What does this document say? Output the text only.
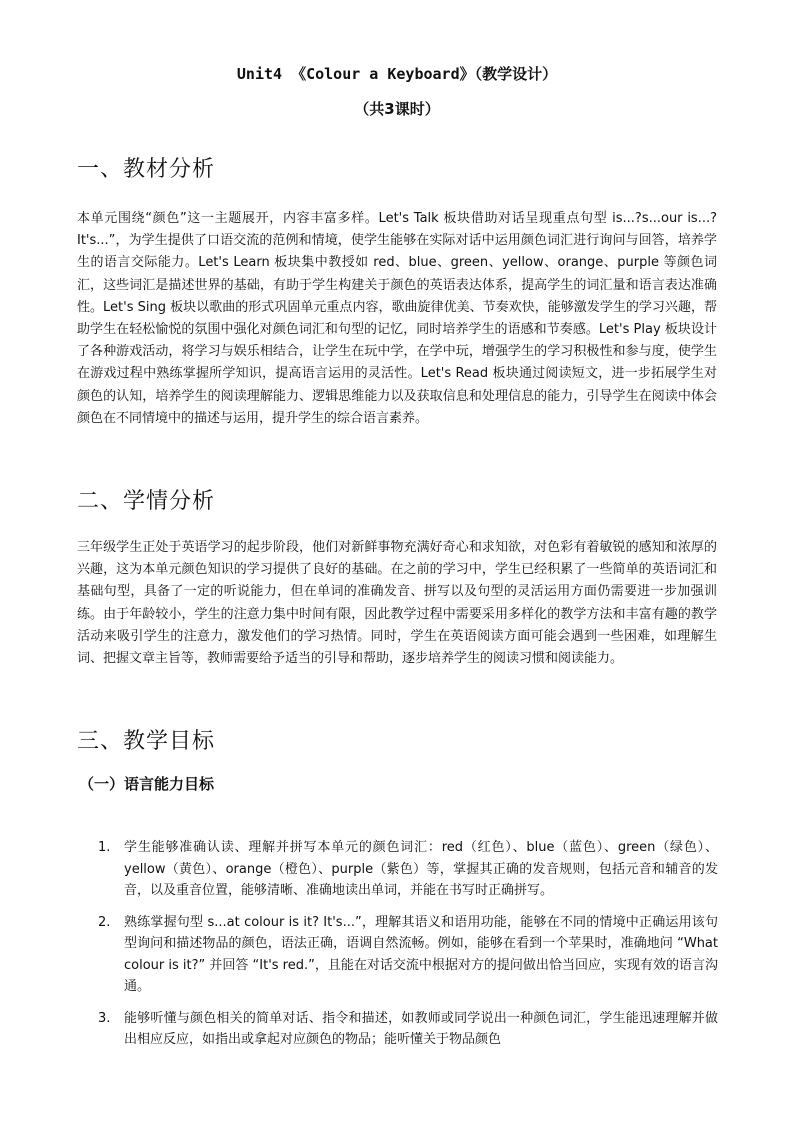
Unit4 《Colour a Keyboard》（教学设计）
（共3课时）
一、教材分析

本单元围绕“颜色”这一主题展开，内容丰富多样。Let's Talk 板块借助对话呈现重点句型 is...?s...our is...? It's...”，为学生提供了口语交流的范例和情境，使学生能够在实际对话中运用颜色词汇进行询问与回答，培养学生的语言交际能力。Let's Learn 板块集中教授如 red、blue、green、yellow、orange、purple 等颜色词汇，这些词汇是描述世界的基础，有助于学生构建关于颜色的英语表达体系，提高学生的词汇量和语言表达准确性。Let's Sing 板块以歌曲的形式巩固单元重点内容，歌曲旋律优美、节奏欢快，能够激发学生的学习兴趣，帮助学生在轻松愉悦的氛围中强化对颜色词汇和句型的记忆，同时培养学生的语感和节奏感。Let's Play 板块设计了各种游戏活动，将学习与娱乐相结合，让学生在玩中学，在学中玩，增强学生的学习积极性和参与度，使学生在游戏过程中熟练掌握所学知识，提高语言运用的灵活性。Let's Read 板块通过阅读短文，进一步拓展学生对颜色的认知，培养学生的阅读理解能力、逻辑思维能力以及获取信息和处理信息的能力，引导学生在阅读中体会颜色在不同情境中的描述与运用，提升学生的综合语言素养。

二、学情分析

三年级学生正处于英语学习的起步阶段，他们对新鲜事物充满好奇心和求知欲，对色彩有着敏锐的感知和浓厚的兴趣，这为本单元颜色知识的学习提供了良好的基础。在之前的学习中，学生已经积累了一些简单的英语词汇和基础句型，具备了一定的听说能力，但在单词的准确发音、拼写以及句型的灵活运用方面仍需要进一步加强训练。由于年龄较小，学生的注意力集中时间有限，因此教学过程中需要采用多样化的教学方法和丰富有趣的教学活动来吸引学生的注意力，激发他们的学习热情。同时，学生在英语阅读方面可能会遇到一些困难，如理解生词、把握文章主旨等，教师需要给予适当的引导和帮助，逐步培养学生的阅读习惯和阅读能力。

三、教学目标
（一）语言能力目标
1. 学生能够准确认读、理解并拼写本单元的颜色词汇：red（红色）、blue（蓝色）、green（绿色）、yellow（黄色）、orange（橙色）、purple（紫色）等，掌握其正确的发音规则，包括元音和辅音的发音，以及重音位置，能够清晰、准确地读出单词，并能在书写时正确拼写。
2. 熟练掌握句型 s...at colour is it? It's...”，理解其语义和语用功能，能够在不同的情境中正确运用该句型询问和描述物品的颜色，语法正确，语调自然流畅。例如，能够在看到一个苹果时，准确地问 “What colour is it?” 并回答 “It's red.”，且能在对话交流中根据对方的提问做出恰当回应，实现有效的语言沟通。
3. 能够听懂与颜色相关的简单对话、指令和描述，如教师或同学说出一种颜色词汇，学生能迅速理解并做出相应反应，如指出或拿起对应颜色的物品；能听懂关于物品颜色
